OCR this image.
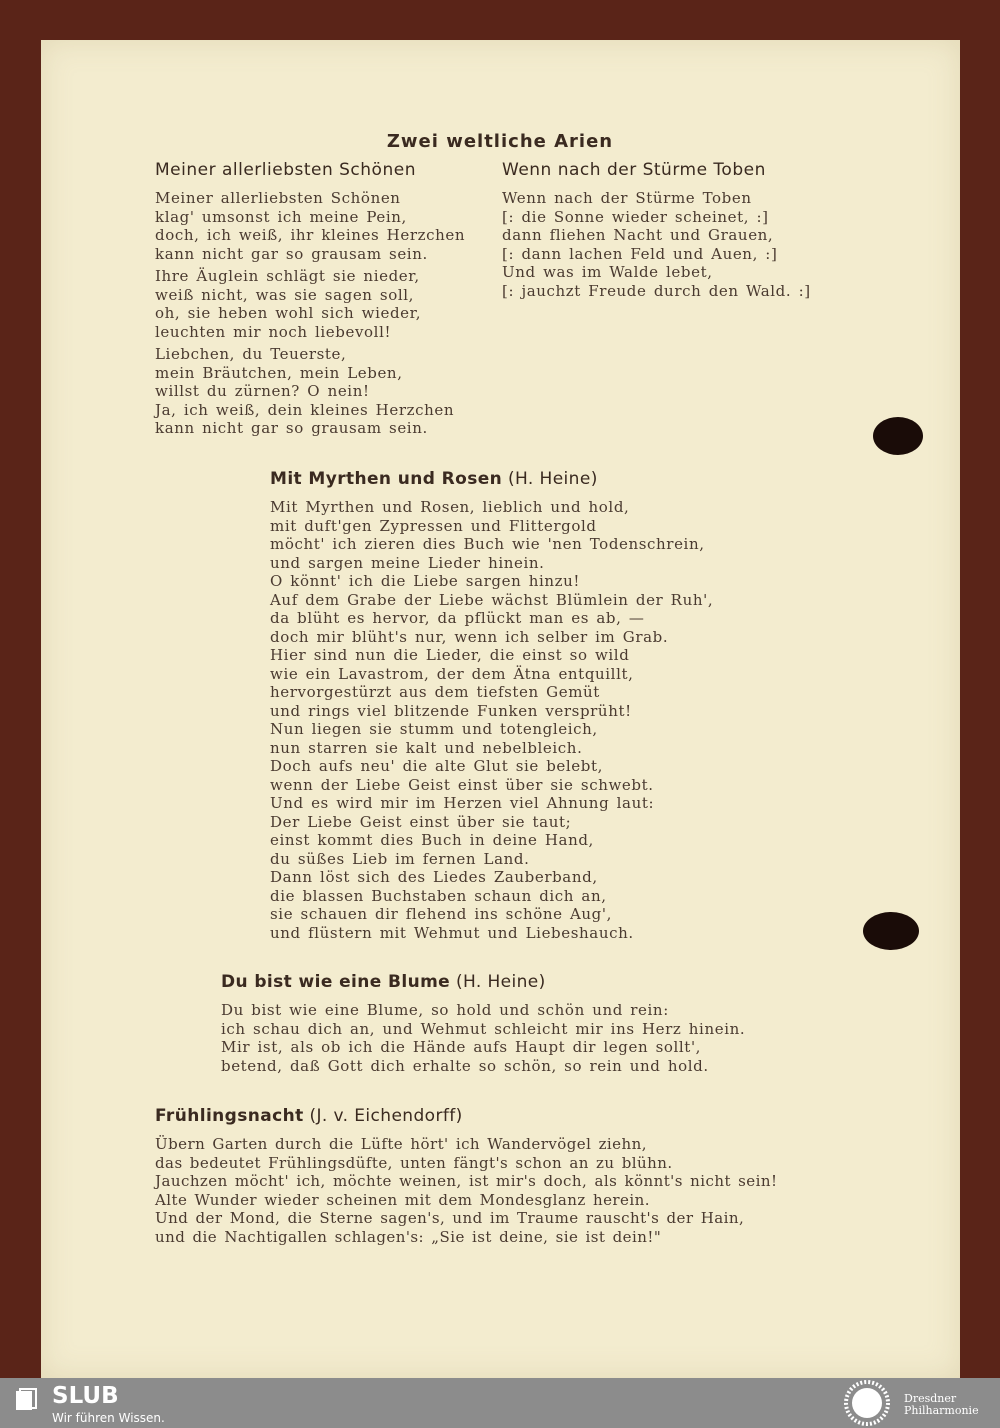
Zwei weltliche Arien
Meiner allerliebsten Schönen	Wenn nach der Stürme Toben
Meiner allerliebsten Schönen
klag' umsonst ich meine Pein,
doch, ich weiß, ihr kleines Herzchen
kann nicht gar so grausam sein.
Ihre Äuglein schlägt sie nieder,
weiß nicht, was sie sagen soll,
oh, sie heben wohl sich wieder,
leuchten mir noch liebevoll!
Liebchen, du Teuerste,
mein Bräutchen, mein Leben,
willst du zürnen? O nein!
Ja, ich weiß, dein kleines Herzchen
kann nicht gar so grausam sein.
Wenn nach der Stürme Toben
[: die Sonne wieder scheinet, :]
dann fliehen Nacht und Grauen,
[: dann lachen Feld und Auen, :]
Und was im Walde lebet,
[: jauchzt Freude durch den Wald. :]
Mit Myrthen und Rosen (H. Heine)
Mit Myrthen und Rosen, lieblich und hold,
mit duft'gen Zypressen und Flittergold
möcht' ich zieren dies Buch wie 'nen Todenschrein,
und sargen meine Lieder hinein.
O könnt' ich die Liebe sargen hinzu!
Auf dem Grabe der Liebe wächst Blümlein der Ruh',
da blüht es hervor, da pflückt man es ab, —
doch mir blüht's nur, wenn ich selber im Grab.
Hier sind nun die Lieder, die einst so wild
wie ein Lavastrom, der dem Ätna entquillt,
hervorgestürzt aus dem tiefsten Gemüt
und rings viel blitzende Funken versprüht!
Nun liegen sie stumm und totengleich,
nun starren sie kalt und nebelbleich.
Doch aufs neu' die alte Glut sie belebt,
wenn der Liebe Geist einst über sie schwebt.
Und es wird mir im Herzen viel Ahnung laut:
Der Liebe Geist einst über sie taut;
einst kommt dies Buch in deine Hand,
du süßes Lieb im fernen Land.
Dann löst sich des Liedes Zauberband,
die blassen Buchstaben schaun dich an,
sie schauen dir flehend ins schöne Aug',
und flüstern mit Wehmut und Liebeshauch.
Du bist wie eine Blume (H. Heine)
Du bist wie eine Blume, so hold und schön und rein:
ich schau dich an, und Wehmut schleicht mir ins Herz hinein.
Mir ist, als ob ich die Hände aufs Haupt dir legen sollt',
betend, daß Gott dich erhalte so schön, so rein und hold.
Frühlingsnacht (J. v. Eichendorff)
Übern Garten durch die Lüfte hört' ich Wandervögel ziehn,
das bedeutet Frühlingsdüfte, unten fängt's schon an zu blühn.
Jauchzen möcht' ich, möchte weinen, ist mir's doch, als könnt's nicht sein!
Alte Wunder wieder scheinen mit dem Mondesglanz herein.
Und der Mond, die Sterne sagen's, und im Traume rauscht's der Hain,
und die Nachtigallen schlagen's: „Sie ist deine, sie ist dein!"
SLUB
Wir führen Wissen.
Dresdner
Philharmonie
